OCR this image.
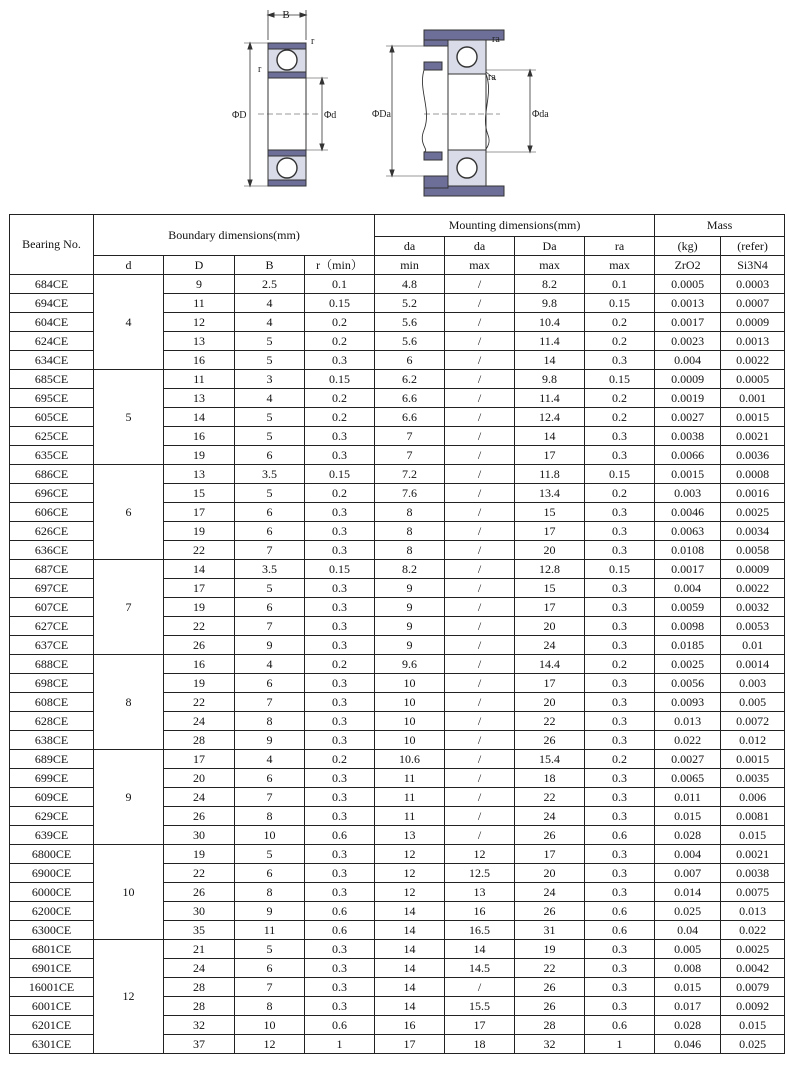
B
r
r
ΦD	Φd
ra
ra
ΦDa	Φda
Bearing No.	Boundary dimensions(mm)				Mounting dimensions(mm)				Mass	
					da	da	Da	ra	(kg)	(refer)
	d	D	B	r（min）	min	max	max	max	ZrO2	Si3N4
684CE	4	9	2.5	0.1	4.8	/	8.2	0.1	0.0005	0.0003
694CE		11	4	0.15	5.2	/	9.8	0.15	0.0013	0.0007
604CE		12	4	0.2	5.6	/	10.4	0.2	0.0017	0.0009
624CE		13	5	0.2	5.6	/	11.4	0.2	0.0023	0.0013
634CE		16	5	0.3	6	/	14	0.3	0.004	0.0022
685CE	5	11	3	0.15	6.2	/	9.8	0.15	0.0009	0.0005
695CE		13	4	0.2	6.6	/	11.4	0.2	0.0019	0.001
605CE		14	5	0.2	6.6	/	12.4	0.2	0.0027	0.0015
625CE		16	5	0.3	7	/	14	0.3	0.0038	0.0021
635CE		19	6	0.3	7	/	17	0.3	0.0066	0.0036
686CE	6	13	3.5	0.15	7.2	/	11.8	0.15	0.0015	0.0008
696CE		15	5	0.2	7.6	/	13.4	0.2	0.003	0.0016
606CE		17	6	0.3	8	/	15	0.3	0.0046	0.0025
626CE		19	6	0.3	8	/	17	0.3	0.0063	0.0034
636CE		22	7	0.3	8	/	20	0.3	0.0108	0.0058
687CE	7	14	3.5	0.15	8.2	/	12.8	0.15	0.0017	0.0009
697CE		17	5	0.3	9	/	15	0.3	0.004	0.0022
607CE		19	6	0.3	9	/	17	0.3	0.0059	0.0032
627CE		22	7	0.3	9	/	20	0.3	0.0098	0.0053
637CE		26	9	0.3	9	/	24	0.3	0.0185	0.01
688CE	8	16	4	0.2	9.6	/	14.4	0.2	0.0025	0.0014
698CE		19	6	0.3	10	/	17	0.3	0.0056	0.003
608CE		22	7	0.3	10	/	20	0.3	0.0093	0.005
628CE		24	8	0.3	10	/	22	0.3	0.013	0.0072
638CE		28	9	0.3	10	/	26	0.3	0.022	0.012
689CE	9	17	4	0.2	10.6	/	15.4	0.2	0.0027	0.0015
699CE		20	6	0.3	11	/	18	0.3	0.0065	0.0035
609CE		24	7	0.3	11	/	22	0.3	0.011	0.006
629CE		26	8	0.3	11	/	24	0.3	0.015	0.0081
639CE		30	10	0.6	13	/	26	0.6	0.028	0.015
6800CE	10	19	5	0.3	12	12	17	0.3	0.004	0.0021
6900CE		22	6	0.3	12	12.5	20	0.3	0.007	0.0038
6000CE		26	8	0.3	12	13	24	0.3	0.014	0.0075
6200CE		30	9	0.6	14	16	26	0.6	0.025	0.013
6300CE		35	11	0.6	14	16.5	31	0.6	0.04	0.022
6801CE	12	21	5	0.3	14	14	19	0.3	0.005	0.0025
6901CE		24	6	0.3	14	14.5	22	0.3	0.008	0.0042
16001CE		28	7	0.3	14	/	26	0.3	0.015	0.0079
6001CE		28	8	0.3	14	15.5	26	0.3	0.017	0.0092
6201CE		32	10	0.6	16	17	28	0.6	0.028	0.015
6301CE		37	12	1	17	18	32	1	0.046	0.025
